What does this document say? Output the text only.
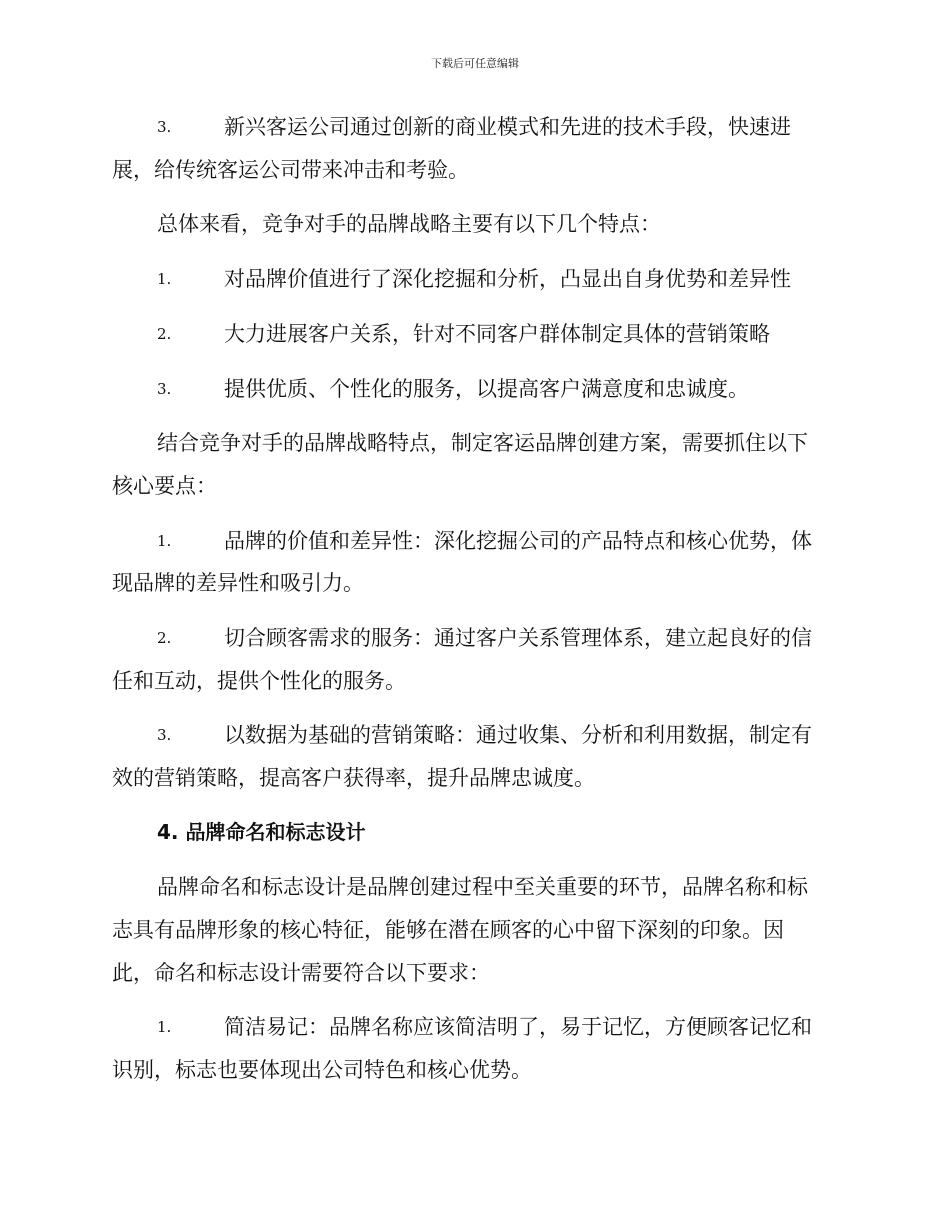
下载后可任意编辑
3.	新兴客运公司通过创新的商业模式和先进的技术手段，快速进
展，给传统客运公司带来冲击和考验。
总体来看，竞争对手的品牌战略主要有以下几个特点：
1.	对品牌价值进行了深化挖掘和分析，凸显出自身优势和差异性
2.	大力进展客户关系，针对不同客户群体制定具体的营销策略
3.	提供优质、个性化的服务，以提高客户满意度和忠诚度。
结合竞争对手的品牌战略特点，制定客运品牌创建方案，需要抓住以下
核心要点：
1.	品牌的价值和差异性：深化挖掘公司的产品特点和核心优势，体
现品牌的差异性和吸引力。
2.	切合顾客需求的服务：通过客户关系管理体系，建立起良好的信
任和互动，提供个性化的服务。
3.	以数据为基础的营销策略：通过收集、分析和利用数据，制定有
效的营销策略，提高客户获得率，提升品牌忠诚度。
4. 品牌命名和标志设计
品牌命名和标志设计是品牌创建过程中至关重要的环节，品牌名称和标
志具有品牌形象的核心特征，能够在潜在顾客的心中留下深刻的印象。因
此，命名和标志设计需要符合以下要求：
1.	简洁易记：品牌名称应该简洁明了，易于记忆，方便顾客记忆和
识别，标志也要体现出公司特色和核心优势。
